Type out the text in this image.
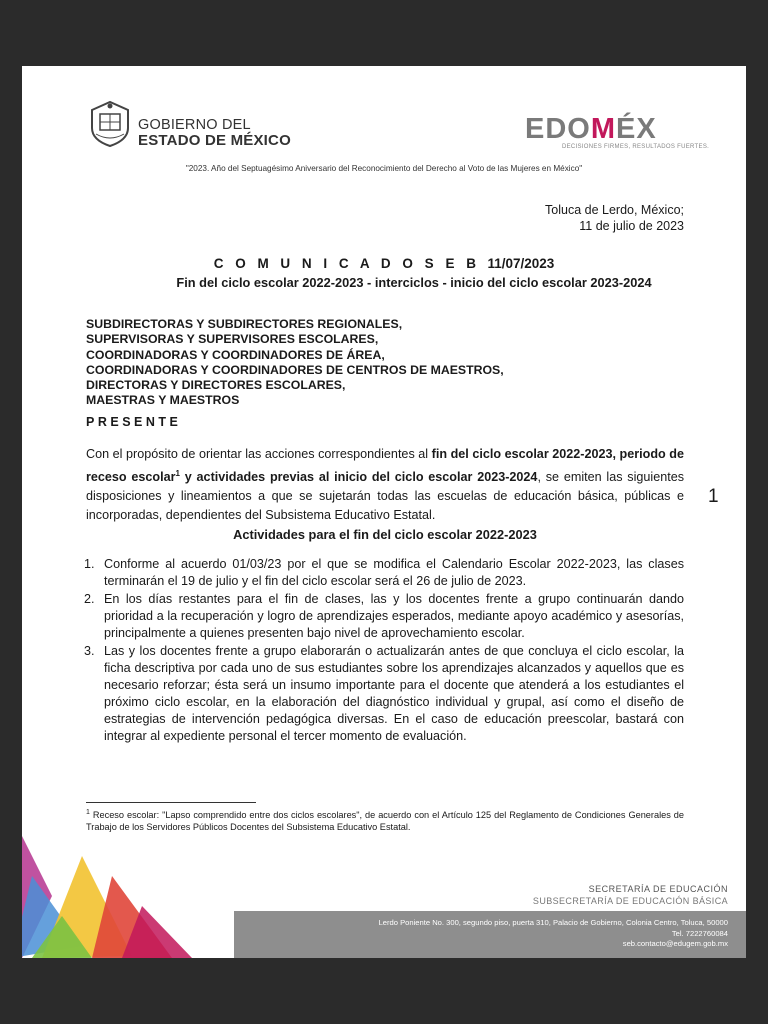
GOBIERNO DEL
ESTADO DE MÉXICO	EDOMÉX
DECISIONES FIRMES, RESULTADOS FUERTES.
"2023. Año del Septuagésimo Aniversario del Reconocimiento del Derecho al Voto de las Mujeres en México"
Toluca de Lerdo, México;
11 de julio de 2023
C O M U N I C A D O S E B 11/07/2023
Fin del ciclo escolar 2022-2023 - interciclos - inicio del ciclo escolar 2023-2024
SUBDIRECTORAS Y SUBDIRECTORES REGIONALES,
SUPERVISORAS Y SUPERVISORES ESCOLARES,
COORDINADORAS Y COORDINADORES DE ÁREA,
COORDINADORAS Y COORDINADORES DE CENTROS DE MAESTROS,
DIRECTORAS Y DIRECTORES ESCOLARES,
MAESTRAS Y MAESTROS
PRESENTE
Con el propósito de orientar las acciones correspondientes al fin del ciclo escolar 2022-2023, periodo de receso escolar$^1$ y actividades previas al inicio del ciclo escolar 2023-2024, se emiten las siguientes disposiciones y lineamientos a que se sujetarán todas las escuelas de educación básica, públicas e incorporadas, dependientes del Subsistema Educativo Estatal.
1
Actividades para el fin del ciclo escolar 2022-2023
1. Conforme al acuerdo 01/03/23 por el que se modifica el Calendario Escolar 2022-2023, las clases terminarán el 19 de julio y el fin del ciclo escolar será el 26 de julio de 2023.
2. En los días restantes para el fin de clases, las y los docentes frente a grupo continuarán dando prioridad a la recuperación y logro de aprendizajes esperados, mediante apoyo académico y asesorías, principalmente a quienes presenten bajo nivel de aprovechamiento escolar.
3. Las y los docentes frente a grupo elaborarán o actualizarán antes de que concluya el ciclo escolar, la ficha descriptiva por cada uno de sus estudiantes sobre los aprendizajes alcanzados y aquellos que es necesario reforzar; ésta será un insumo importante para el docente que atenderá a los estudiantes el próximo ciclo escolar, en la elaboración del diagnóstico individual y grupal, así como el diseño de estrategias de intervención pedagógica diversas. En el caso de educación preescolar, bastará con integrar al expediente personal el tercer momento de evaluación.
$^1$ Receso escolar: "Lapso comprendido entre dos ciclos escolares", de acuerdo con el Artículo 125 del Reglamento de Condiciones Generales de Trabajo de los Servidores Públicos Docentes del Subsistema Educativo Estatal.
SECRETARÍA DE EDUCACIÓN
SUBSECRETARÍA DE EDUCACIÓN BÁSICA
Lerdo Poniente No. 300, segundo piso, puerta 310, Palacio de Gobierno, Colonia Centro, Toluca, 50000
Tel. 7222760084
seb.contacto@edugem.gob.mx
